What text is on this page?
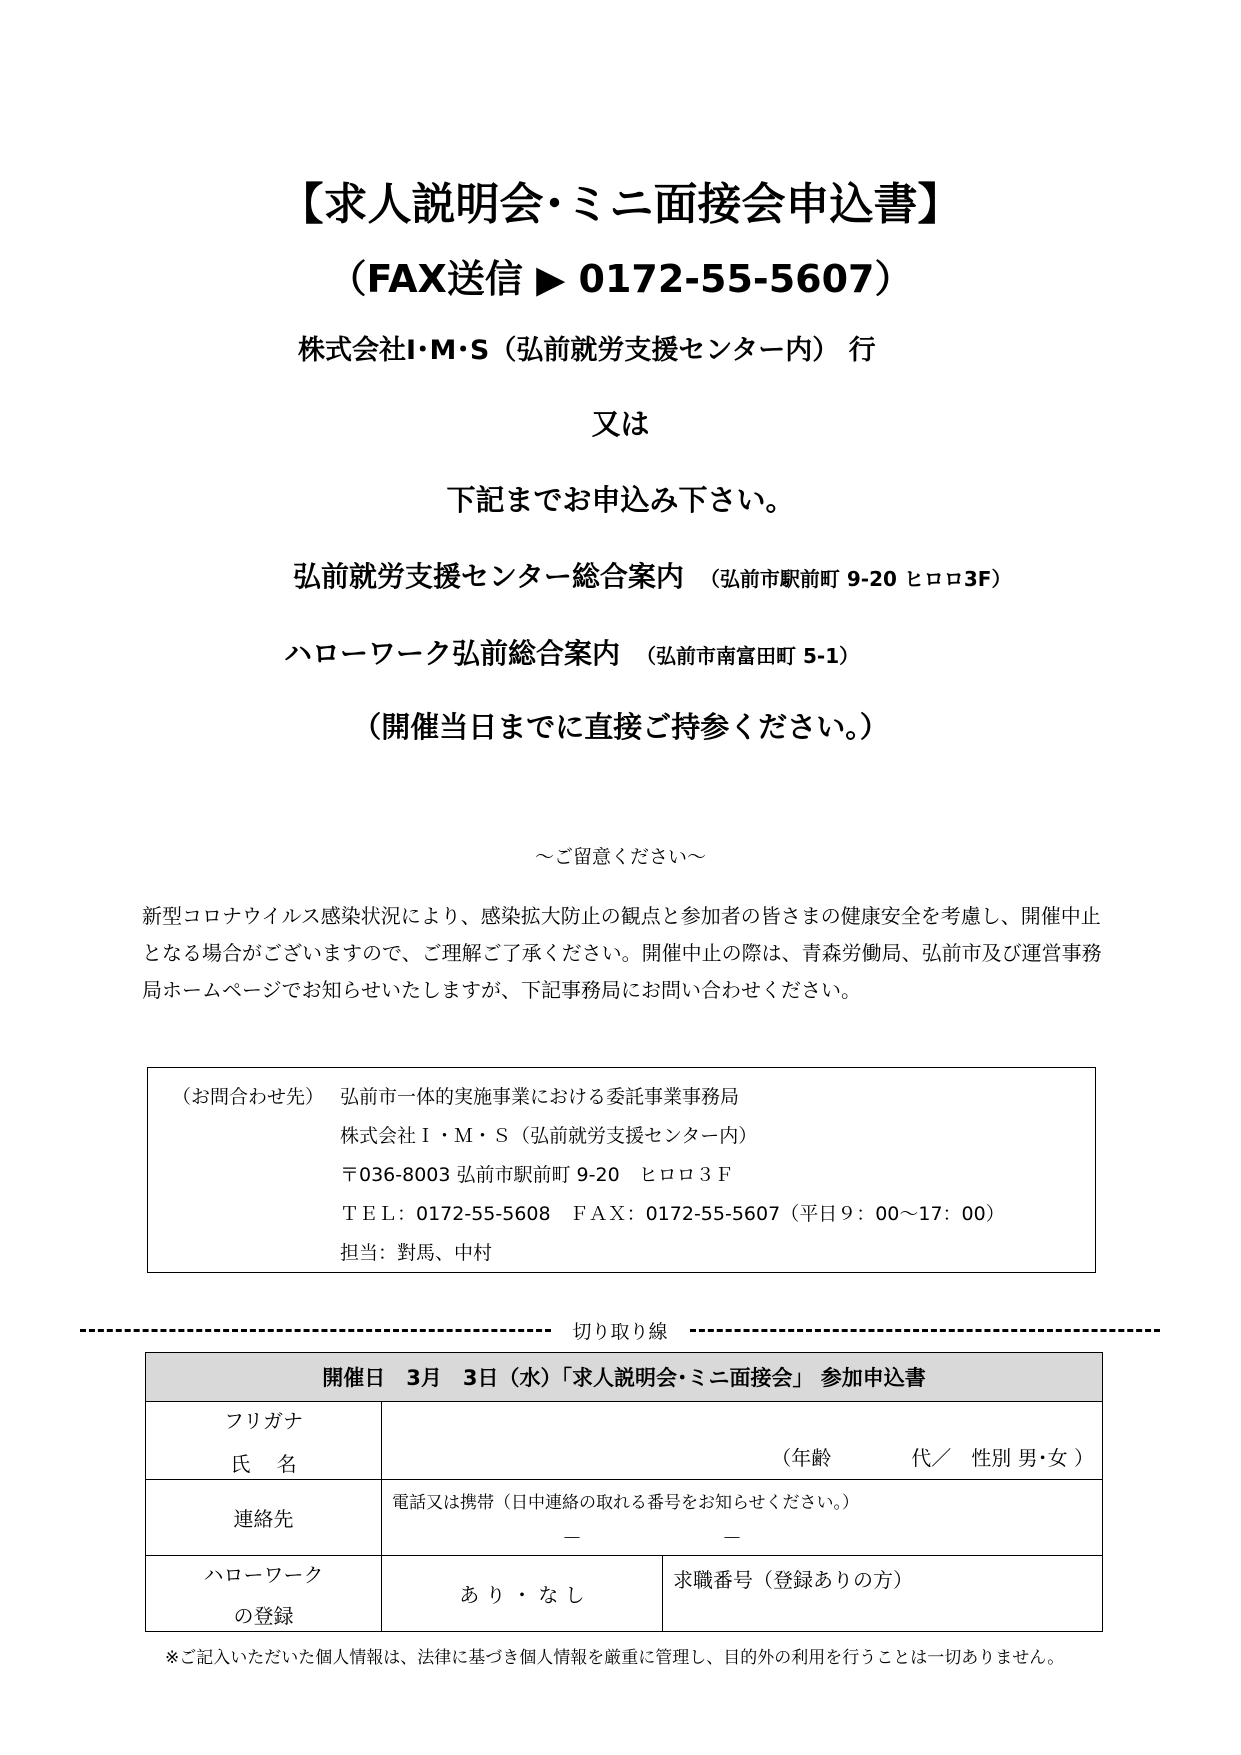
【求人説明会･ミニ面接会申込書】
（FAX送信 ▶ 0172-55-5607）
株式会社I･M･S（弘前就労支援センター内） 行
又は
下記までお申込み下さい。
弘前就労支援センター総合案内 （弘前市駅前町 9-20 ヒロロ3F）
ハローワーク弘前総合案内 （弘前市南富田町 5-1）
（開催当日までに直接ご持参ください。）
～ご留意ください～
新型コロナウイルス感染状況により、感染拡大防止の観点と参加者の皆さまの健康安全を考慮し、開催中止となる場合がございますので、ご理解ご了承ください。開催中止の際は、青森労働局、弘前市及び運営事務局ホームページでお知らせいたしますが、下記事務局にお問い合わせください。
（お問合わせ先） 弘前市一体的実施事業における委託事業事務局
株式会社Ｉ・Ｍ・Ｓ（弘前就労支援センター内）
〒036-8003 弘前市駅前町 9-20　ヒロロ３Ｆ
ＴＥＬ：0172-55-5608　ＦＡＸ：0172-55-5607（平日９：00～17：00）
担当：對馬、中村
切り取り線
開催日　3月　3日（水）「求人説明会･ミニ面接会」 参加申込書		

フリガナ
氏　 名	（年齢　　　　代／　性別 男･女 ）	

連絡先	電話又は携帯（日中連絡の取れる番号をお知らせください。）
－　　　　　　　－	

ハローワーク
の登録	あ り ・ な し	求職番号（登録ありの方）
※ご記入いただいた個人情報は、法律に基づき個人情報を厳重に管理し、目的外の利用を行うことは一切ありません。
